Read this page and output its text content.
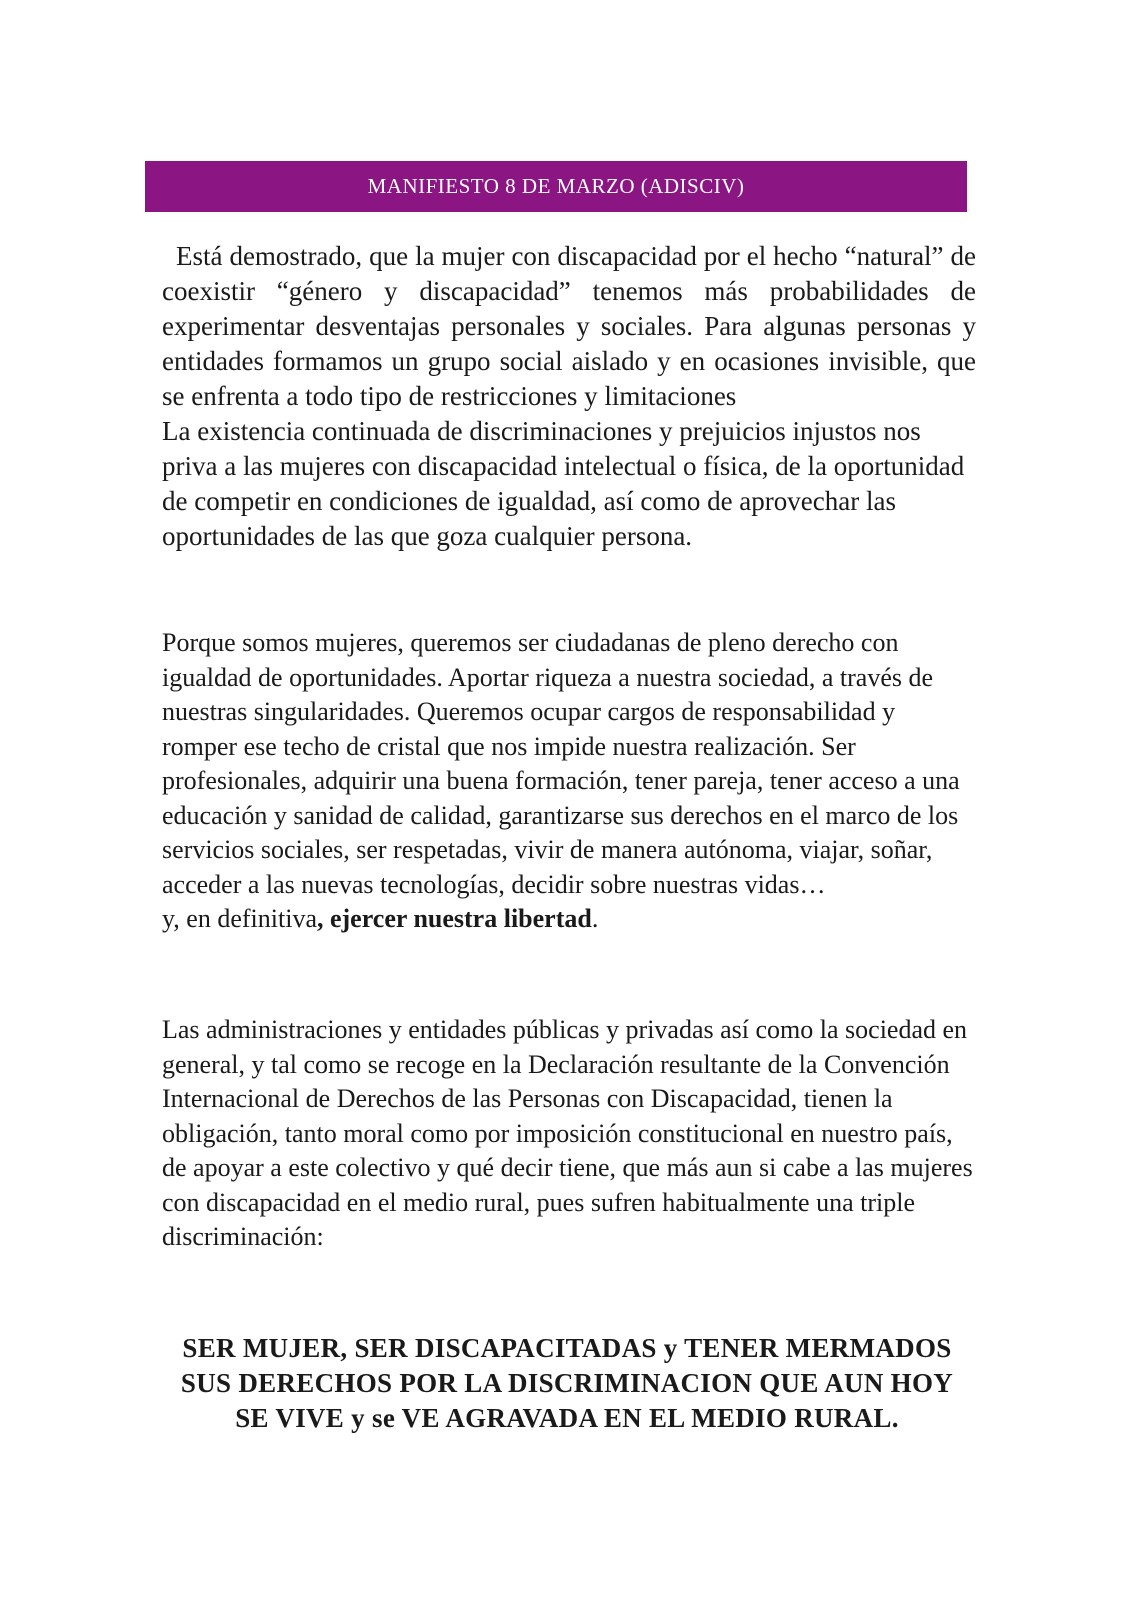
MANIFIESTO 8 DE MARZO (ADISCIV)

Está demostrado, que la mujer con discapacidad por el hecho “natural” de coexistir “género y discapacidad” tenemos más probabilidades de experimentar desventajas personales y sociales. Para algunas personas y entidades formamos un grupo social aislado y en ocasiones invisible, que se enfrenta a todo tipo de restricciones y limitaciones

La existencia continuada de discriminaciones y prejuicios injustos nos priva a las mujeres con discapacidad intelectual o física, de la oportunidad de competir en condiciones de igualdad, así como de aprovechar las oportunidades de las que goza cualquier persona.

Porque somos mujeres, queremos ser ciudadanas de pleno derecho con igualdad de oportunidades. Aportar riqueza a nuestra sociedad, a través de nuestras singularidades. Queremos ocupar cargos de responsabilidad y romper ese techo de cristal que nos impide nuestra realización. Ser profesionales, adquirir una buena formación, tener pareja, tener acceso a una educación y sanidad de calidad, garantizarse sus derechos en el marco de los servicios sociales, ser respetadas, vivir de manera autónoma, viajar, soñar, acceder a las nuevas tecnologías, decidir sobre nuestras vidas…

y, en definitiva, ejercer nuestra libertad.

Las administraciones y entidades públicas y privadas así como la sociedad en general, y tal como se recoge en la Declaración resultante de la Convención Internacional de Derechos de las Personas con Discapacidad, tienen la obligación, tanto moral como por imposición constitucional en nuestro país, de apoyar a este colectivo y qué decir tiene, que más aun si cabe a las mujeres con discapacidad en el medio rural, pues sufren habitualmente una triple discriminación:

SER MUJER, SER DISCAPACITADAS y TENER MERMADOS SUS DERECHOS POR LA DISCRIMINACION QUE AUN HOY SE VIVE y se VE AGRAVADA EN EL MEDIO RURAL.
